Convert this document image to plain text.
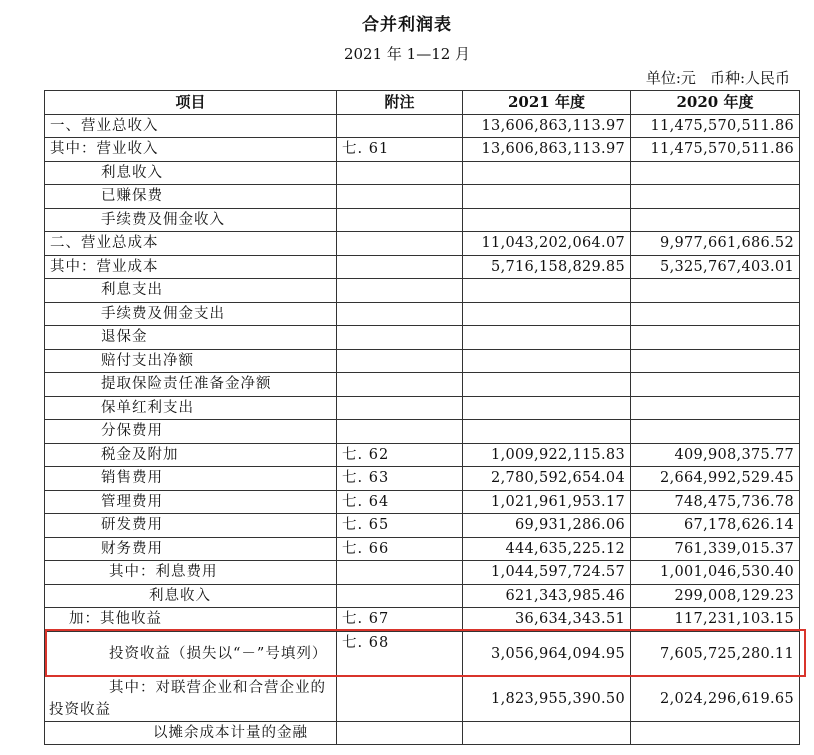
合并利润表
2021 年 1—12 月
单位:元 币种:人民币
项目	附注	2021 年度	2020 年度
一、营业总收入		13,606,863,113.97	11,475,570,511.86
其中：营业收入	七. 61	13,606,863,113.97	11,475,570,511.86
利息收入			
已赚保费			
手续费及佣金收入			
二、营业总成本		11,043,202,064.07	9,977,661,686.52
其中：营业成本		5,716,158,829.85	5,325,767,403.01
利息支出			
手续费及佣金支出			
退保金			
赔付支出净额			
提取保险责任准备金净额			
保单红利支出			
分保费用			
税金及附加	七. 62	1,009,922,115.83	409,908,375.77
销售费用	七. 63	2,780,592,654.04	2,664,992,529.45
管理费用	七. 64	1,021,961,953.17	748,475,736.78
研发费用	七. 65	69,931,286.06	67,178,626.14
财务费用	七. 66	444,635,225.12	761,339,015.37
其中：利息费用		1,044,597,724.57	1,001,046,530.40
利息收入		621,343,985.46	299,008,129.23
加：其他收益	七. 67	36,634,343.51	117,231,103.15
投资收益（损失以“－”号填列）	七. 68	3,056,964,094.95	7,605,725,280.11
其中：对联营企业和合营企业的投资收益		1,823,955,390.50	2,024,296,619.65
以摊余成本计量的金融			
